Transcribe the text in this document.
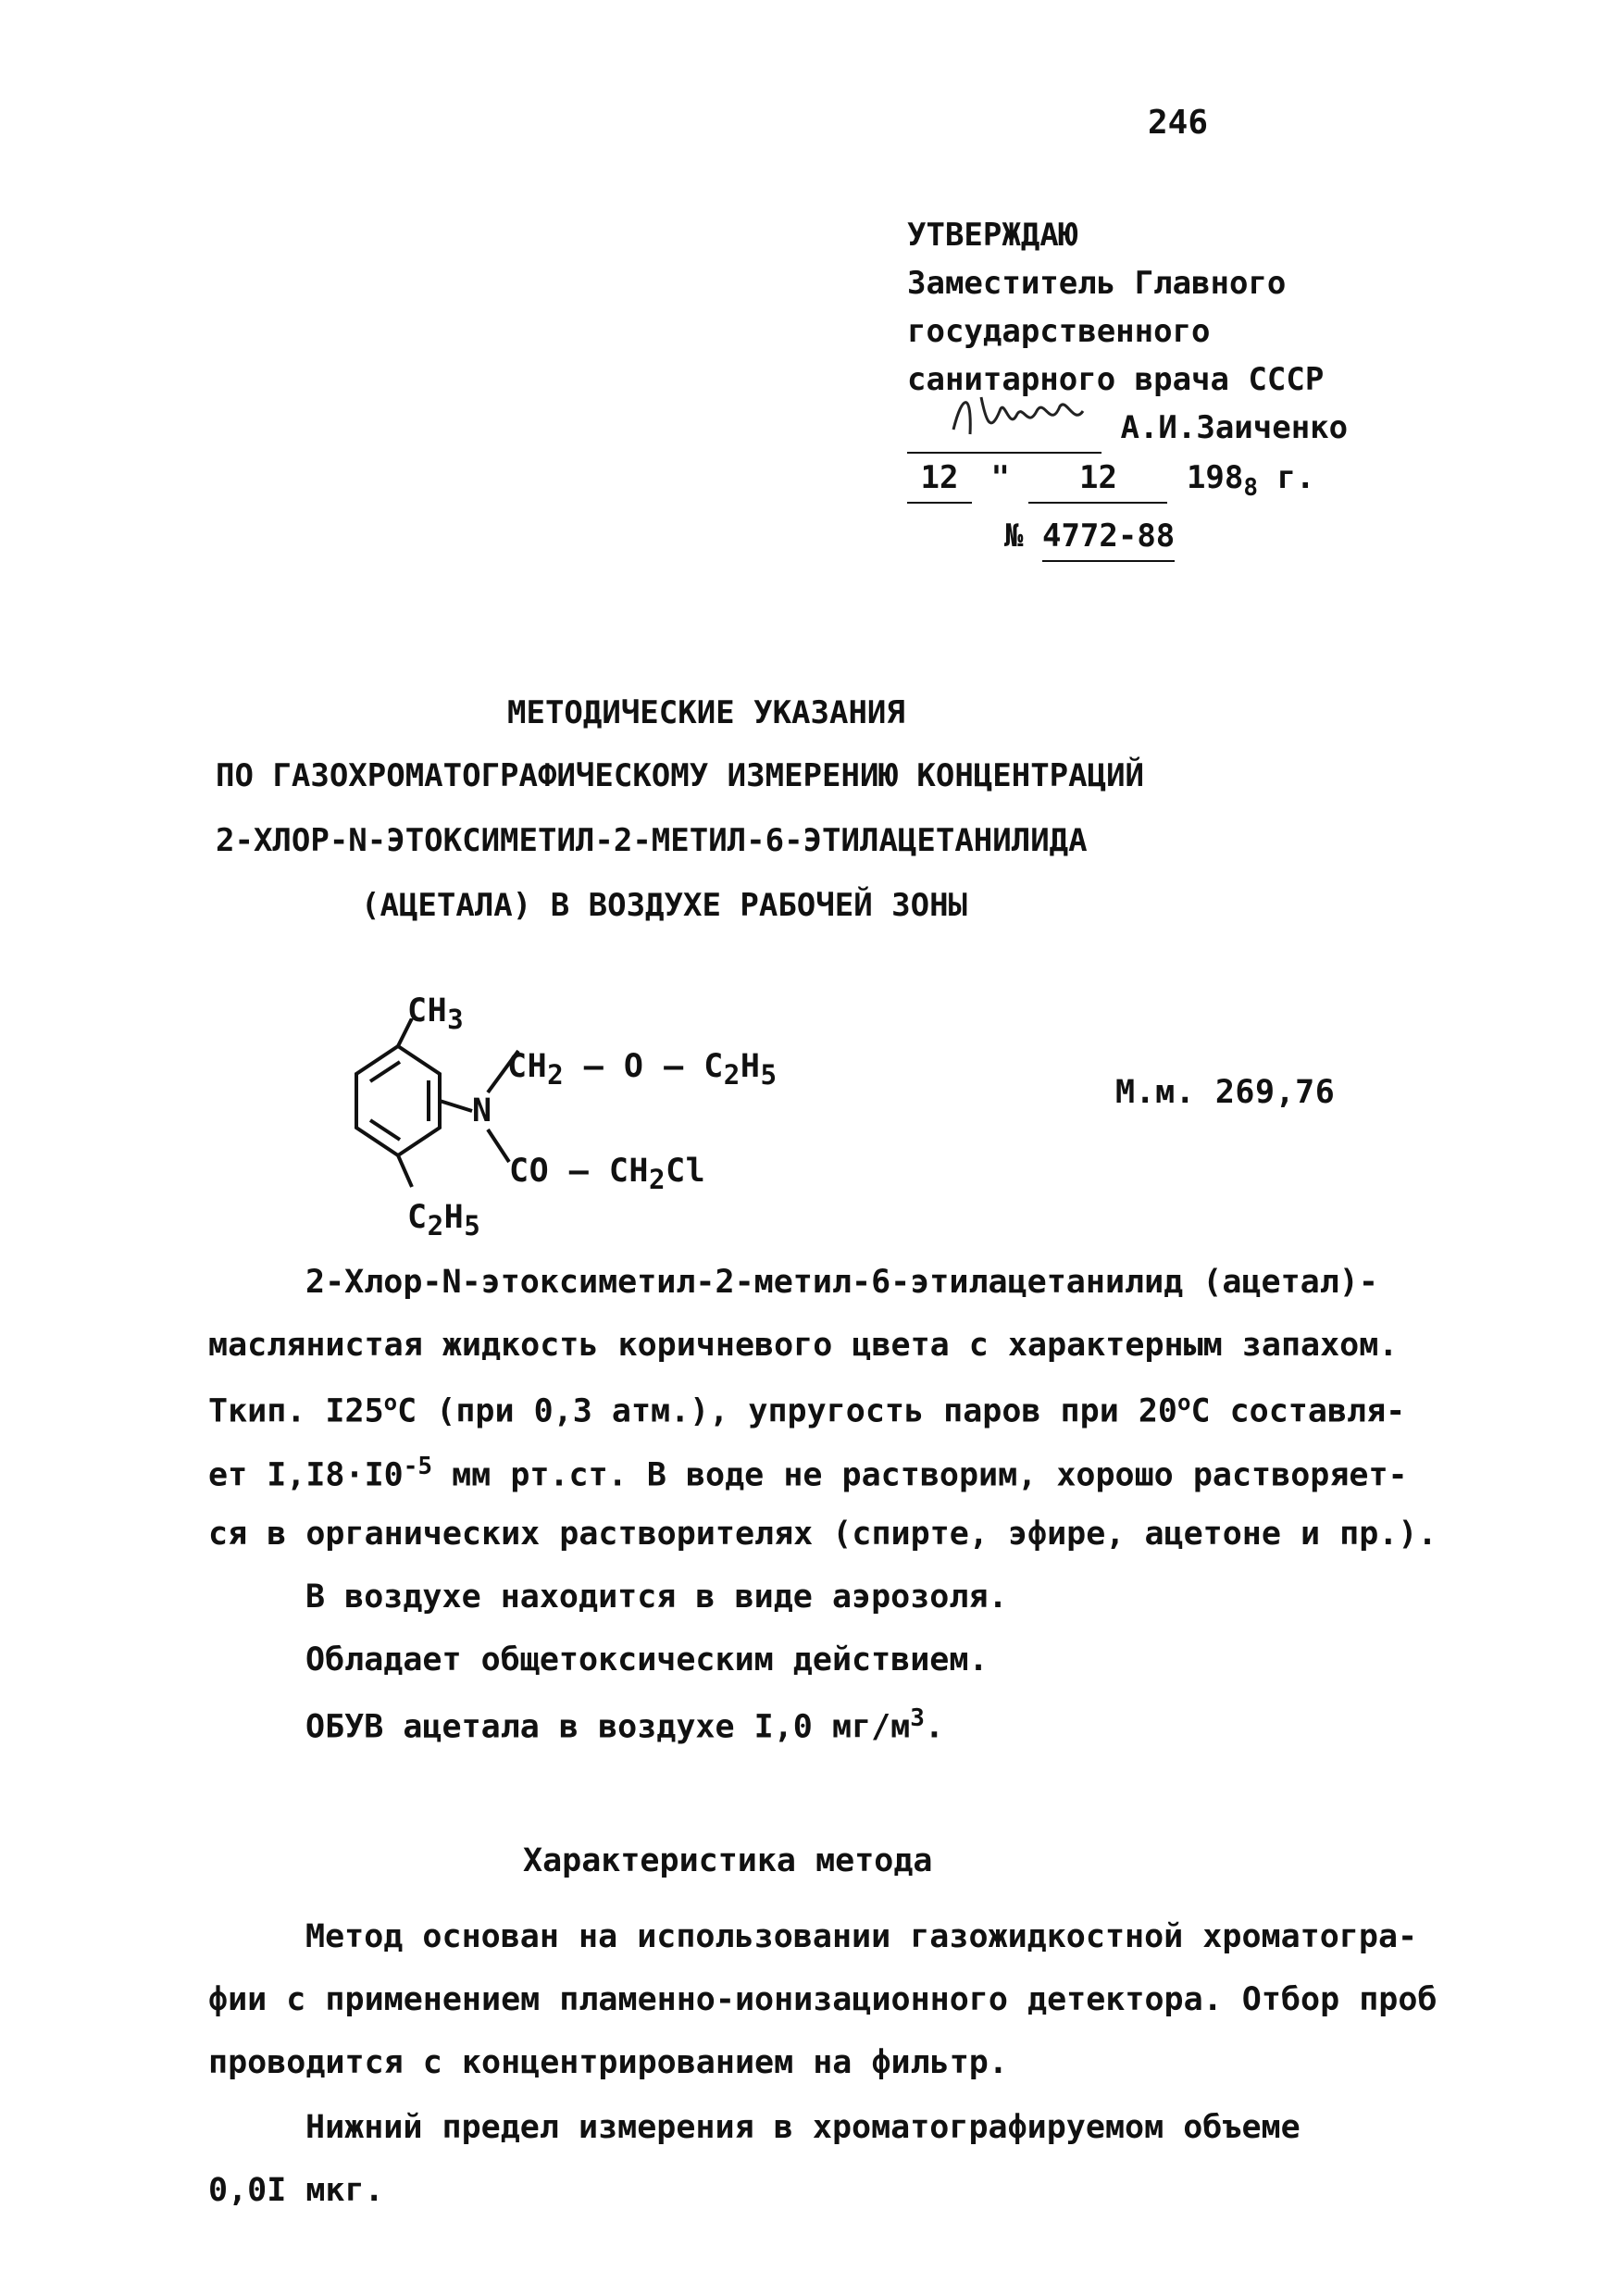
246
УТВЕРЖДАЮ
Заместитель Главного
государственного
санитарного врача СССР

А.И.Заиченко
12 " 12 $198_8$ г.
№ 4772-88
МЕТОДИЧЕСКИЕ УКАЗАНИЯ
ПО ГАЗОХРОМАТОГРАФИЧЕСКОМУ ИЗМЕРЕНИЮ КОНЦЕНТРАЦИЙ
2-ХЛОР-N-ЭТОКСИМЕТИЛ-2-МЕТИЛ-6-ЭТИЛАЦЕТАНИЛИДА
(АЦЕТАЛА) В ВОЗДУХЕ РАБОЧЕЙ ЗОНЫ
$CH_3$
$CH_2$ – O – $C_2H_5$
N
CO – $CH_2Cl$
$C_2H_5$
М.м. 269,76
2-Хлор-N-этоксиметил-2-метил-6-этилацетанилид (ацетал)-
маслянистая жидкость коричневого цвета с характерным запахом.
Ткип. $I25^оС$ (при 0,3 атм.), упругость паров при $20^оС$ составля-
ет $I,I8\cdot I0^{-5}$ мм рт.ст. В воде не растворим, хорошо растворяет-
ся в органических растворителях (спирте, эфире, ацетоне и пр.).
В воздухе находится в виде аэрозоля.
Обладает общетоксическим действием.
ОБУВ ацетала в воздухе I,0 $мг/м^3$.
Характеристика метода
Метод основан на использовании газожидкостной хроматогра-
фии с применением пламенно-ионизационного детектора. Отбор проб
проводится с концентрированием на фильтр.
Нижний предел измерения в хроматографируемом объеме
0,0I мкг.
